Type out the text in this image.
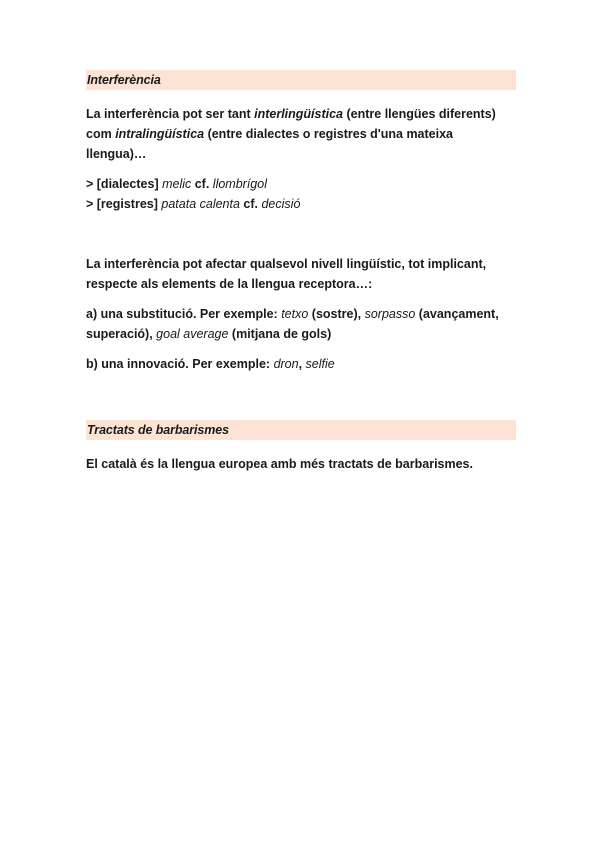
Interferència

La interferència pot ser tant interlingüística (entre llengües diferents) com intralingüística (entre dialectes o registres d'una mateixa llengua)…

> [dialectes] melic cf. llombrígol

> [registres] patata calenta cf. decisió

La interferència pot afectar qualsevol nivell lingüístic, tot implicant, respecte als elements de la llengua receptora…:

a) una substitució. Per exemple: tetxo (sostre), sorpasso (avançament, superació), goal average (mitjana de gols)

b) una innovació. Per exemple: dron, selfie

Tractats de barbarismes

El català és la llengua europea amb més tractats de barbarismes.
